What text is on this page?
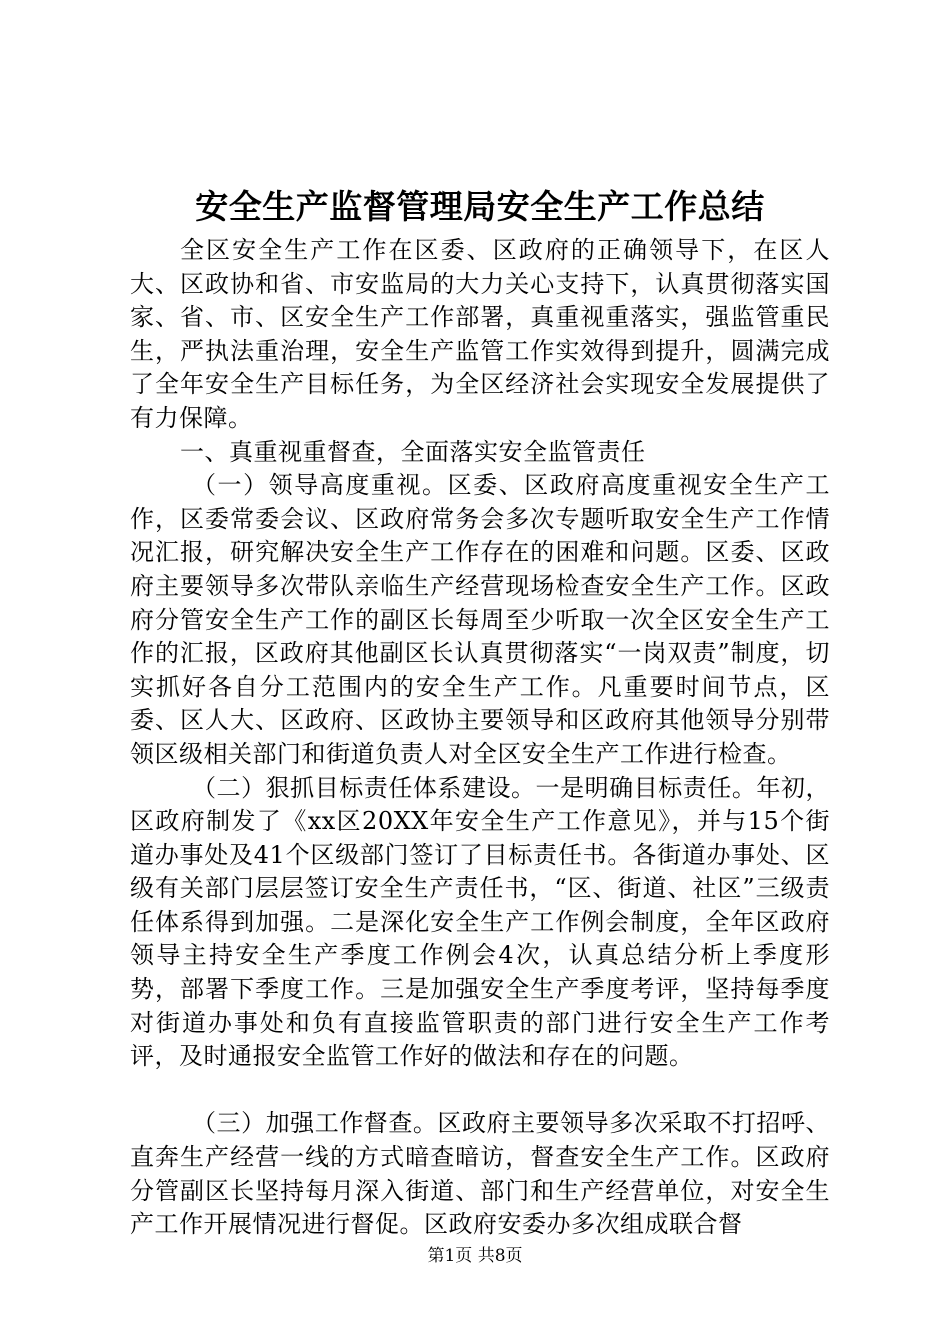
安全生产监督管理局安全生产工作总结

全区安全生产工作在区委、区政府的正确领导下，在区人大、区政协和省、市安监局的大力关心支持下，认真贯彻落实国家、省、市、区安全生产工作部署，真重视重落实，强监管重民生，严执法重治理，安全生产监管工作实效得到提升，圆满完成了全年安全生产目标任务，为全区经济社会实现安全发展提供了有力保障。

一、真重视重督查，全面落实安全监管责任

（一）领导高度重视。区委、区政府高度重视安全生产工作，区委常委会议、区政府常务会多次专题听取安全生产工作情况汇报，研究解决安全生产工作存在的困难和问题。区委、区政府主要领导多次带队亲临生产经营现场检查安全生产工作。区政府分管安全生产工作的副区长每周至少听取一次全区安全生产工作的汇报，区政府其他副区长认真贯彻落实“一岗双责”制度，切实抓好各自分工范围内的安全生产工作。凡重要时间节点，区委、区人大、区政府、区政协主要领导和区政府其他领导分别带领区级相关部门和街道负责人对全区安全生产工作进行检查。

（二）狠抓目标责任体系建设。一是明确目标责任。年初，区政府制发了《xx区20XX年安全生产工作意见》，并与15个街道办事处及41个区级部门签订了目标责任书。各街道办事处、区级有关部门层层签订安全生产责任书，“区、街道、社区”三级责任体系得到加强。二是深化安全生产工作例会制度，全年区政府领导主持安全生产季度工作例会4次，认真总结分析上季度形势，部署下季度工作。三是加强安全生产季度考评，坚持每季度对街道办事处和负有直接监管职责的部门进行安全生产工作考评，及时通报安全监管工作好的做法和存在的问题。

（三）加强工作督查。区政府主要领导多次采取不打招呼、直奔生产经营一线的方式暗查暗访，督查安全生产工作。区政府分管副区长坚持每月深入街道、部门和生产经营单位，对安全生产工作开展情况进行督促。区政府安委办多次组成联合督

第1页 共8页
